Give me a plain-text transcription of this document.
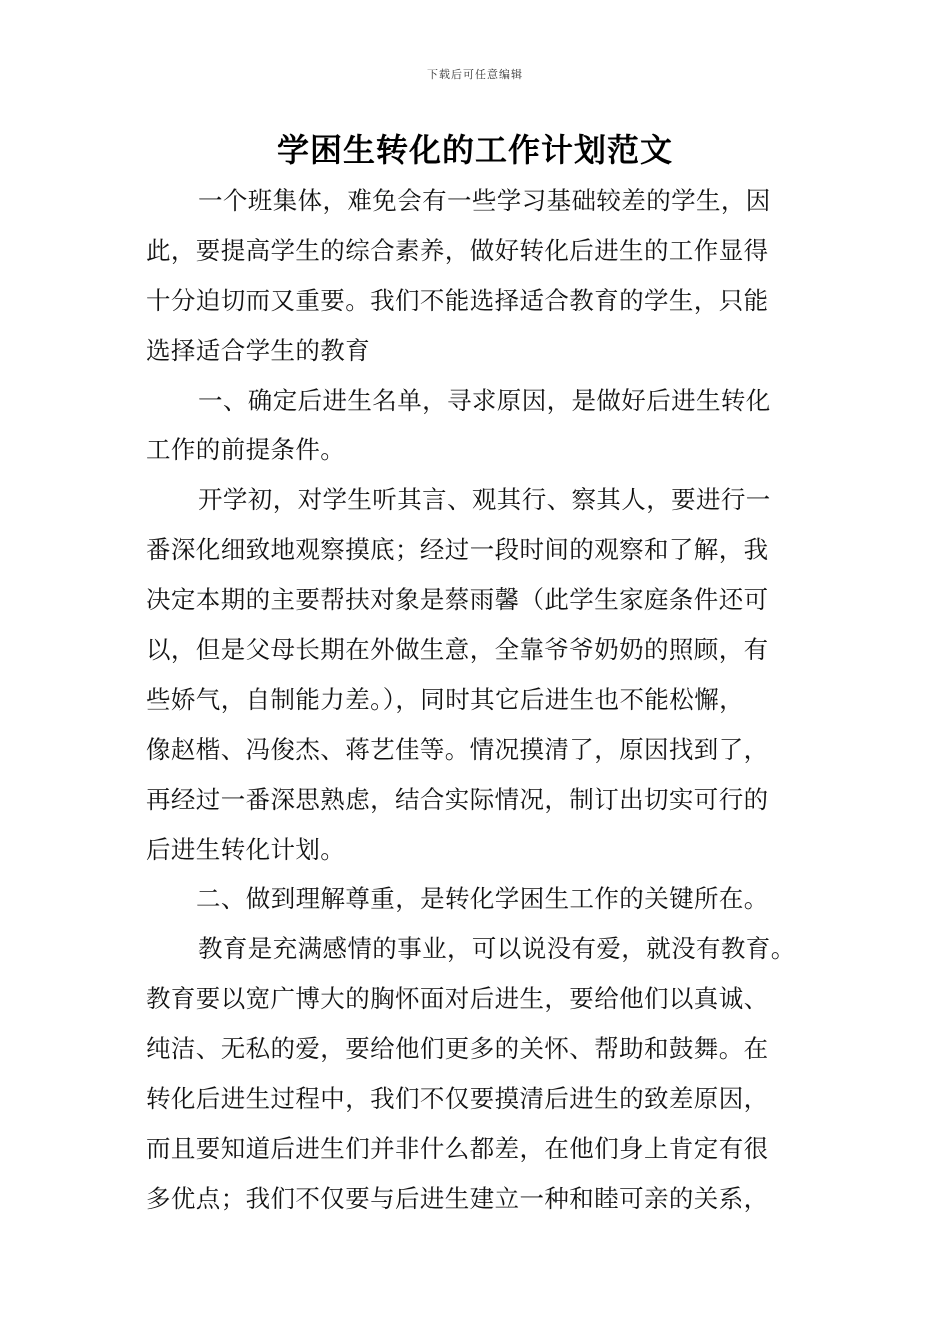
下载后可任意编辑
学困生转化的工作计划范文
一个班集体，难免会有一些学习基础较差的学生，因
此，要提高学生的综合素养，做好转化后进生的工作显得
十分迫切而又重要。我们不能选择适合教育的学生，只能
选择适合学生的教育
一、确定后进生名单，寻求原因，是做好后进生转化
工作的前提条件。
开学初，对学生听其言、观其行、察其人，要进行一
番深化细致地观察摸底；经过一段时间的观察和了解，我
决定本期的主要帮扶对象是蔡雨馨（此学生家庭条件还可
以，但是父母长期在外做生意，全靠爷爷奶奶的照顾，有
些娇气，自制能力差。），同时其它后进生也不能松懈，
像赵楷、冯俊杰、蒋艺佳等。情况摸清了，原因找到了，
再经过一番深思熟虑，结合实际情况，制订出切实可行的
后进生转化计划。
二、做到理解尊重，是转化学困生工作的关键所在。
教育是充满感情的事业，可以说没有爱，就没有教育。
教育要以宽广博大的胸怀面对后进生，要给他们以真诚、
纯洁、无私的爱，要给他们更多的关怀、帮助和鼓舞。在
转化后进生过程中，我们不仅要摸清后进生的致差原因，
而且要知道后进生们并非什么都差，在他们身上肯定有很
多优点；我们不仅要与后进生建立一种和睦可亲的关系，
